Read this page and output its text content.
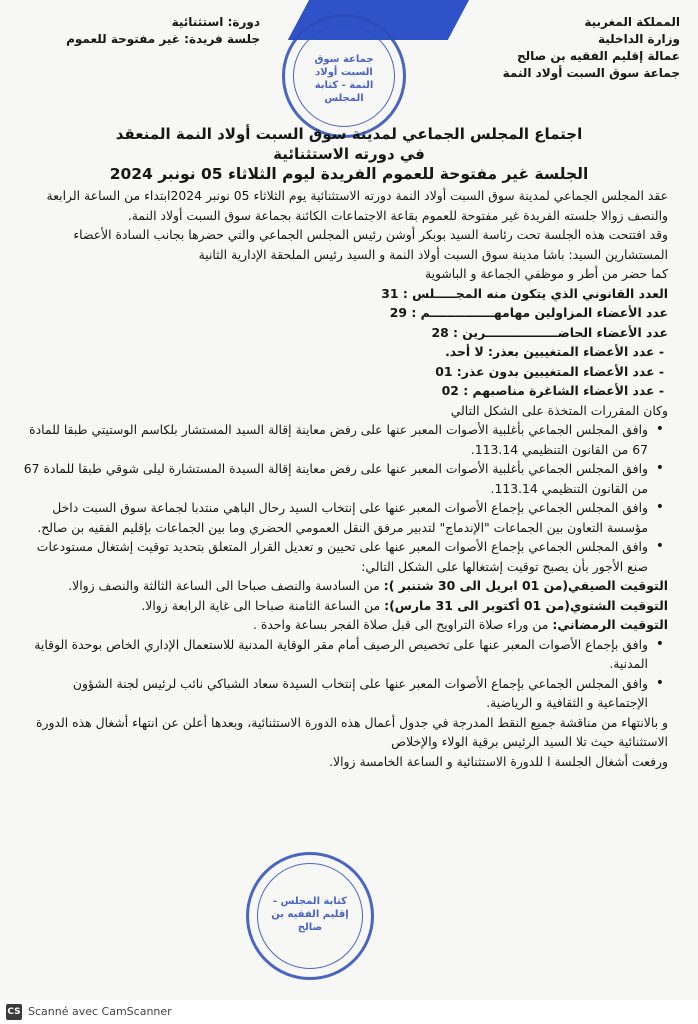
المملكة المغربية
وزارة الداخلية
عمالة إقليم الفقيه بن صالح
جماعة سوق السبت أولاد النمة
دورة: استثنائية
جلسة فريدة: غير مفتوحة للعموم
جماعة سوق السبت أولاد النمة - كتابة المجلس
اجتماع المجلس الجماعي لمدينة سوق السبت أولاد النمة المنعقد
في دورته الاستثنائية
الجلسة غير مفتوحة للعموم الفريدة ليوم الثلاثاء 05 نونبر 2024

عقد المجلس الجماعي لمدينة سوق السبت أولاد النمة دورته الاستثنائية يوم الثلاثاء 05 نونبر 2024ابتداء من الساعة الرابعة والنصف زوالا جلسته الفريدة غير مفتوحة للعموم بقاعة الاجتماعات الكائنة بجماعة سوق السبت أولاد النمة.

وقد افتتحت هذه الجلسة تحت رئاسة السيد بوبكر أوشن رئيس المجلس الجماعي والتي حضرها بجانب السادة الأعضاء المستشارين السيد: باشا مدينة سوق السبت أولاد النمة و السيد رئيس الملحقة الإدارية الثانية

كما حضر من أطر و موظفي الجماعة و الباشوية

العدد القانوني الذي يتكون منه المجـــــلس : 31

عدد الأعضاء المزاولين مهامهـــــــــــــــم : 29

عدد الأعضاء الحاضـــــــــــــــــرين : 28

- عدد الأعضاء المتغيبين بعذر: لا أحد.

- عدد الأعضاء المتغيبين بدون عذر: 01

- عدد الأعضاء الشاغرة مناصبهم : 02

وكان المقررات المتخذة على الشكل التالي

• وافق المجلس الجماعي بأغلبية الأصوات المعبر عنها على رفض معاينة إقالة السيد المستشار بلكاسم الوستيتي طبقا للمادة 67 من القانون التنظيمي 113.14.

• وافق المجلس الجماعي بأغلبية الأصوات المعبر عنها على رفض معاينة إقالة السيدة المستشارة ليلى شوقي طبقا للمادة 67 من القانون التنظيمي 113.14.

• وافق المجلس الجماعي بإجماع الأصوات المعبر عنها على إنتخاب السيد رحال الباهي منتدبا لجماعة سوق السبت داخل مؤسسة التعاون بين الجماعات "الإندماج" لتدبير مرفق النقل العمومي الحضري وما بين الجماعات بإقليم الفقيه بن صالح.

• وافق المجلس الجماعي بإجماع الأصوات المعبر عنها على تحيين و تعديل القرار المتعلق بتحديد توقيت إشتغال مستودعات صنع الأجور بأن يصبح توقيت إشتغالها على الشكل التالي:

التوقيت الصيفي(من 01 ابريل الى 30 شتنبر ): من السادسة والنصف صباحا الى الساعة الثالثة والنصف زوالا.

التوقيت الشتوي(من 01 أكتوبر الى 31 مارس): من الساعة الثامنة صباحا الى غاية الرابعة زوالا.

التوقيت الرمضاني: من وراء صلاة التراويح الى قبل صلاة الفجر بساعة واحدة .

• وافق بإجماع الأصوات المعبر عنها على تخصيص الرصيف أمام مقر الوقاية المدنية للاستعمال الإداري الخاص بوحدة الوقاية المدنية.

• وافق المجلس الجماعي بإجماع الأصوات المعبر عنها على إنتخاب السيدة سعاد الشباكي نائب لرئيس لجنة الشؤون الإجتماعية و الثقافية و الرياضية.

و بالانتهاء من مناقشة جميع النقط المدرجة في جدول أعمال هذه الدورة الاستثنائية، وبعدها أعلن عن انتهاء أشغال هذه الدورة الاستثنائية حيث تلا السيد الرئيس برقية الولاء والإخلاص

ورفعت أشغال الجلسة ا للدورة الاستثنائية و الساعة الخامسة زوالا.

كتابة المجلس - إقليم الفقيه بن صالح
CS Scanné avec CamScanner
